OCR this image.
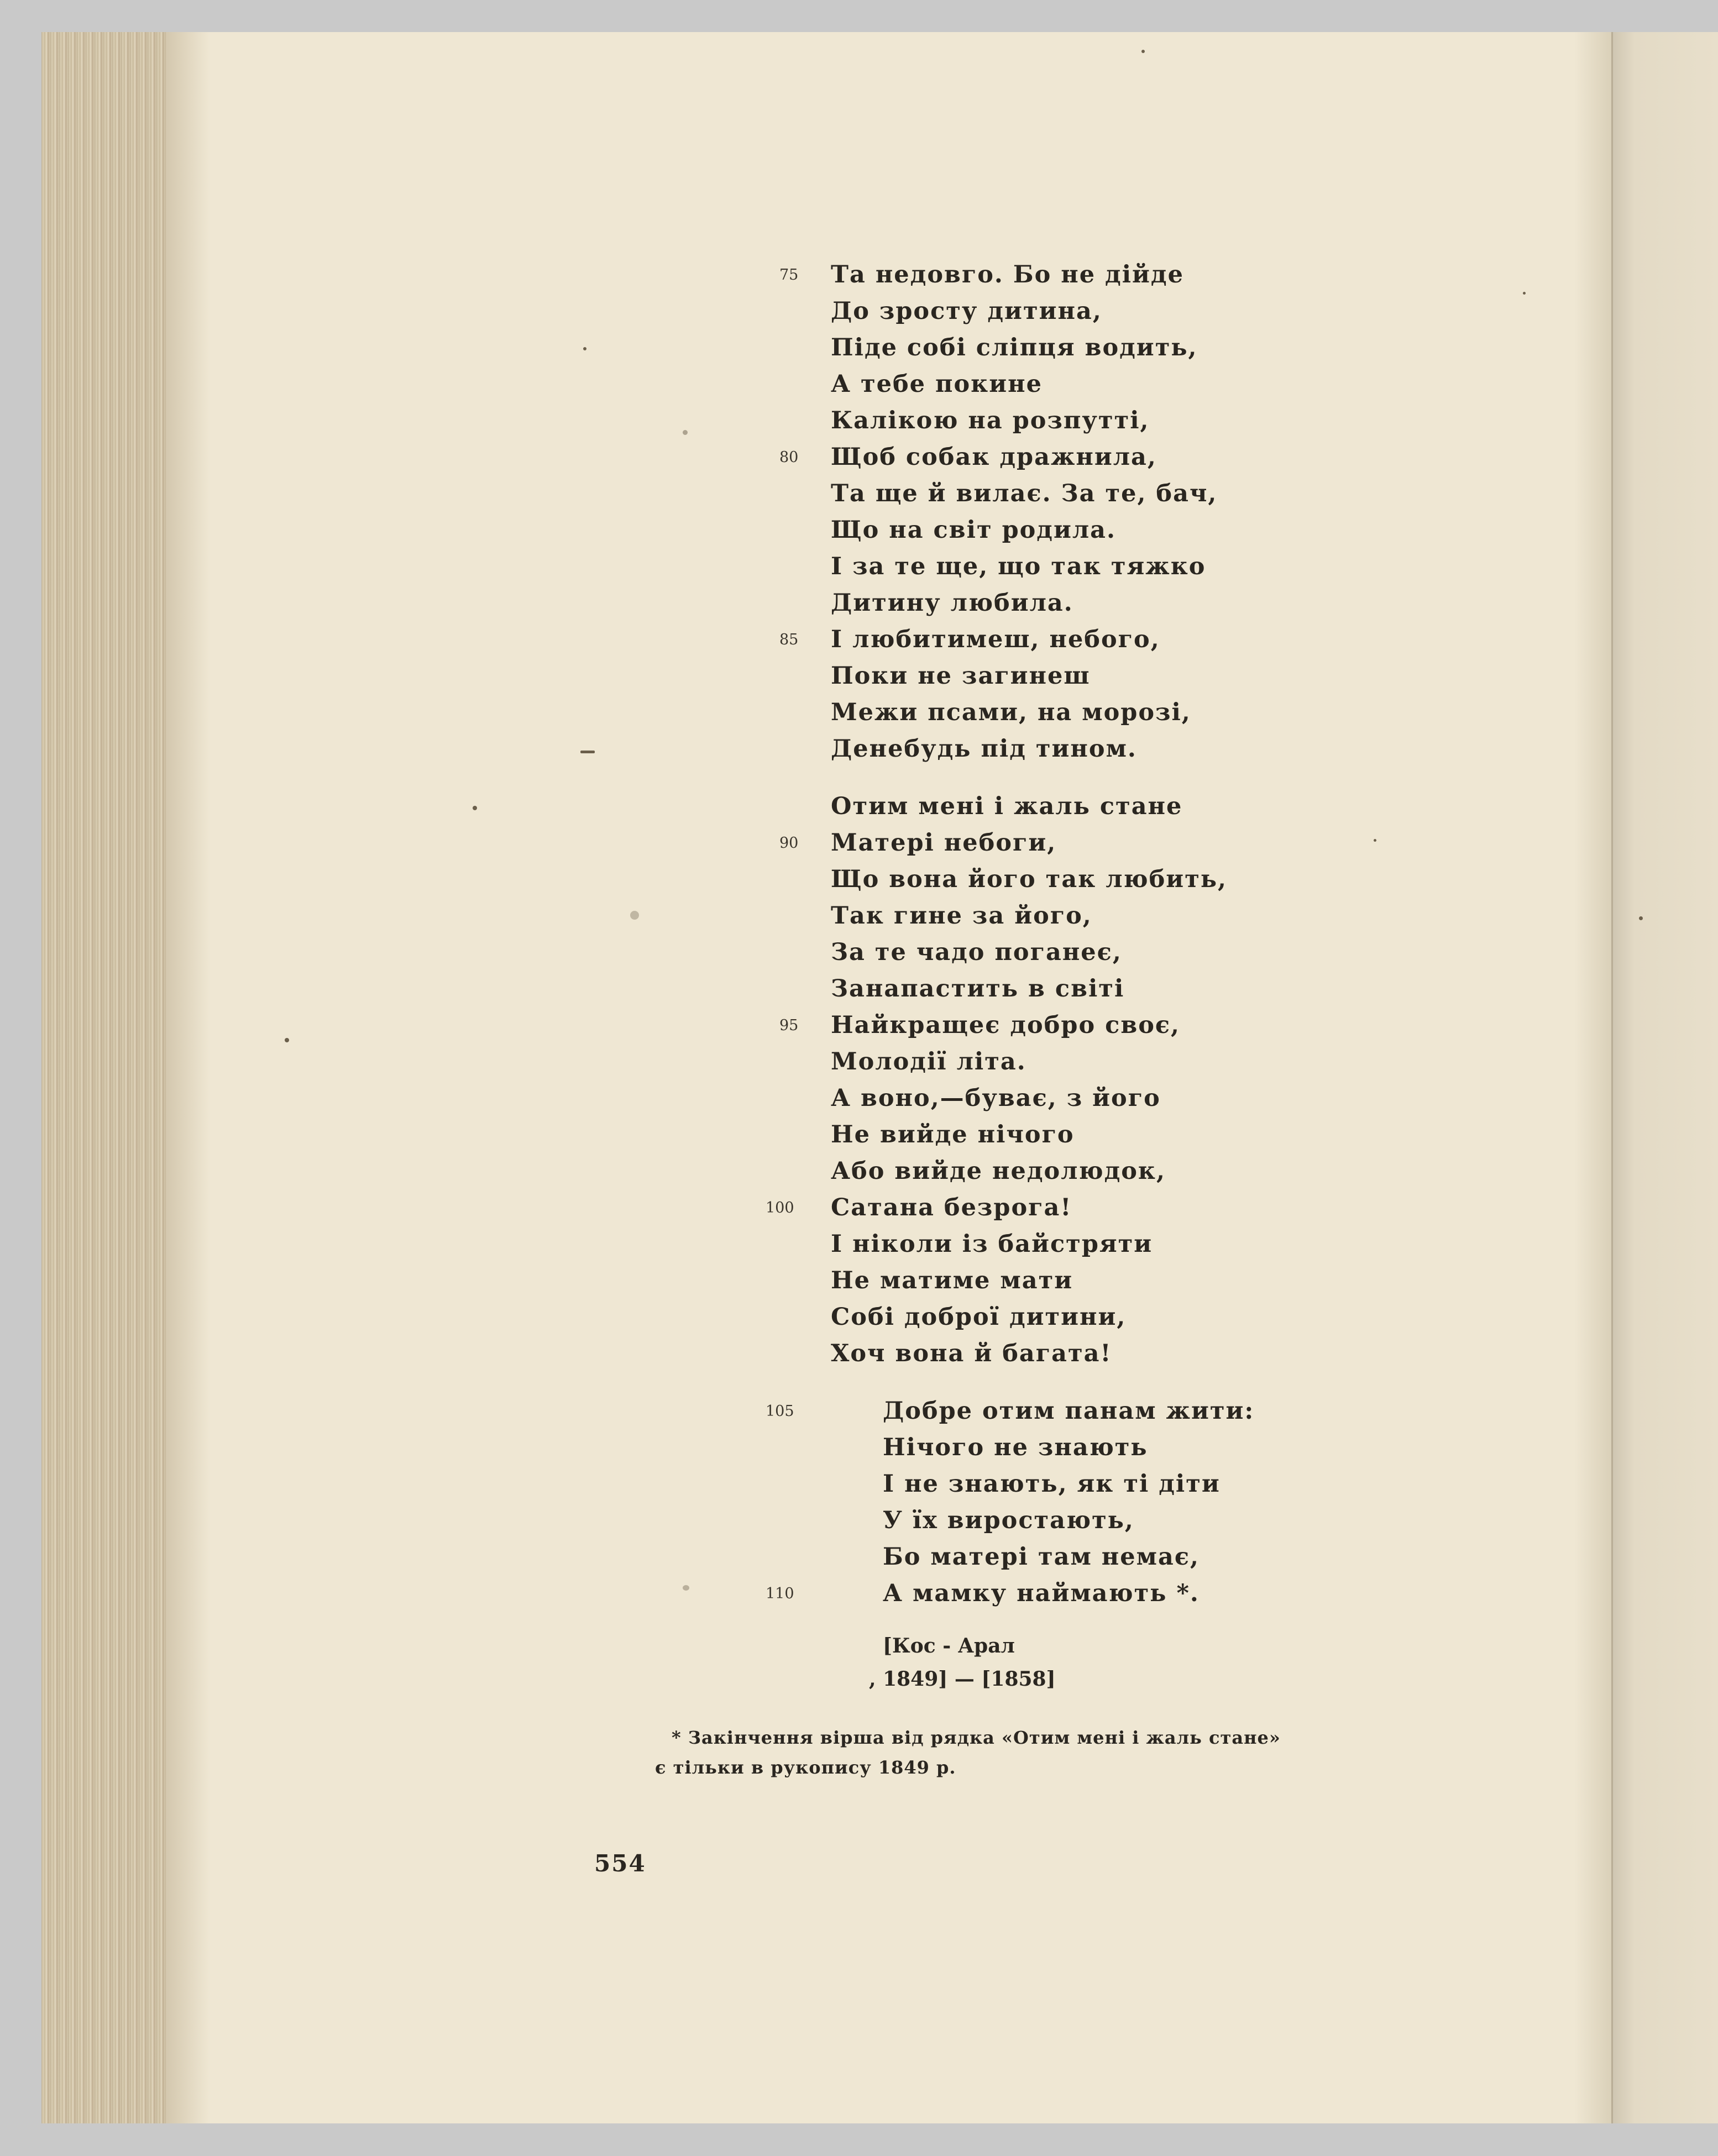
75 Та недовго. Бо не дійде
До зросту дитина,
Піде собі сліпця водить,
А тебе покине
Калікою на розпутті,
80 Щоб собак дражнила,
Та ще й вилає. За те, бач,
Що на світ родила.
І за те ще, що так тяжко
Дитину любила.
85 І любитимеш, небого,
Поки не загинеш
Межи псами, на морозі,
Денебудь під тином.
Отим мені і жаль стане
90 Матері небоги,
Що вона його так любить,
Так гине за його,
За те чадо поганеє,
Занапастить в світі
95 Найкращеє добро своє,
Молодії літа.
А воно,—буває, з його
Не вийде нічого
Або вийде недолюдок,
100 Сатана безрога!
І ніколи із байстряти
Не матиме мати
Собі доброї дитини,
Хоч вона й багата!
105	Добре отим панам жити:
Нічого не знають
І не знають, як ті діти
У їх виростають,
Бо матері там немає,
110	А мамку наймають *.
[Кос - Арал
, 1849] — [1858]
* Закінчення вірша від рядка «Отим мені і жаль стане»
є тільки в рукопису 1849 р.
554
